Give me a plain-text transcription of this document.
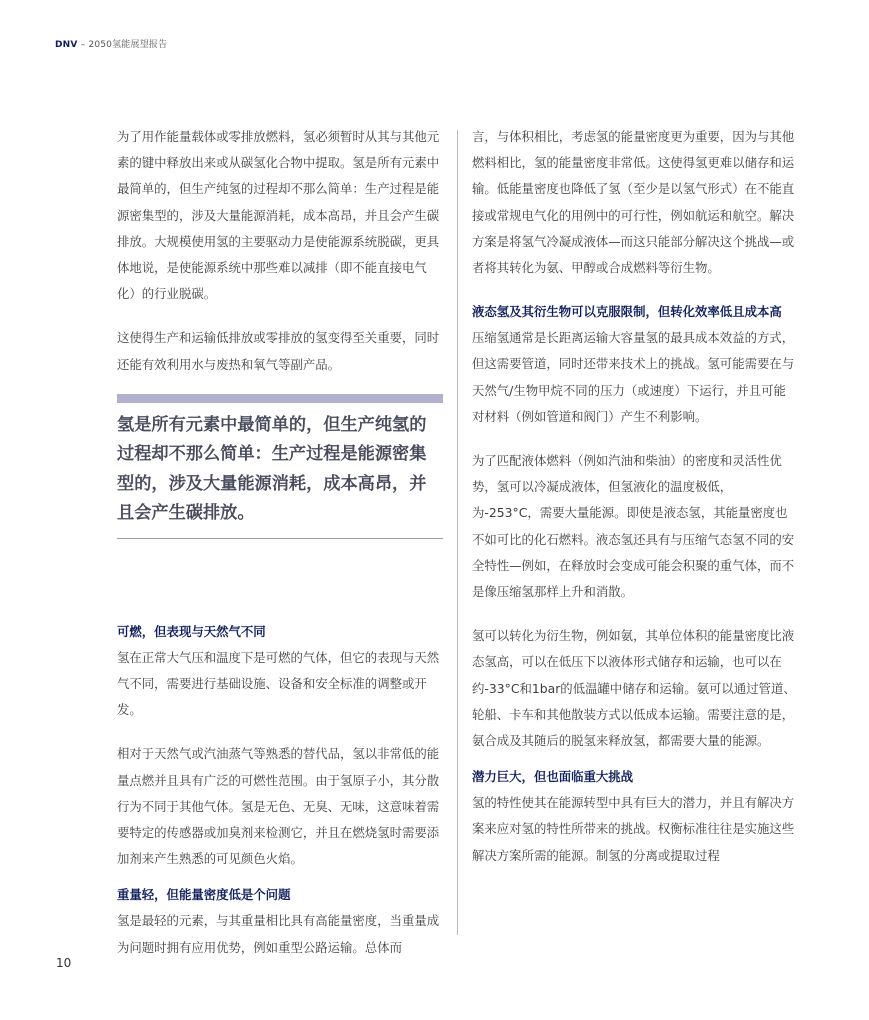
DNV – 2050氢能展望报告

为了用作能量载体或零排放燃料，氢必须暂时从其与其他元素的键中释放出来或从碳氢化合物中提取。氢是所有元素中最简单的，但生产纯氢的过程却不那么简单：生产过程是能源密集型的，涉及大量能源消耗，成本高昂，并且会产生碳排放。大规模使用氢的主要驱动力是使能源系统脱碳，更具体地说，是使能源系统中那些难以减排（即不能直接电气化）的行业脱碳。

这使得生产和运输低排放或零排放的氢变得至关重要，同时还能有效利用水与废热和氧气等副产品。

氢是所有元素中最简单的，但生产纯氢的过程却不那么简单：生产过程是能源密集型的，涉及大量能源消耗，成本高昂，并且会产生碳排放。
可燃，但表现与天然气不同

氢在正常大气压和温度下是可燃的气体，但它的表现与天然气不同，需要进行基础设施、设备和安全标准的调整或开发。

相对于天然气或汽油蒸气等熟悉的替代品，氢以非常低的能量点燃并且具有广泛的可燃性范围。由于氢原子小，其分散行为不同于其他气体。氢是无色、无臭、无味，这意味着需要特定的传感器或加臭剂来检测它，并且在燃烧氢时需要添加剂来产生熟悉的可见颜色火焰。

重量轻，但能量密度低是个问题

氢是最轻的元素，与其重量相比具有高能量密度，当重量成为问题时拥有应用优势，例如重型公路运输。总体而

言，与体积相比，考虑氢的能量密度更为重要，因为与其他燃料相比，氢的能量密度非常低。这使得氢更难以储存和运输。低能量密度也降低了氢（至少是以氢气形式）在不能直接或常规电气化的用例中的可行性，例如航运和航空。解决方案是将氢气冷凝成液体—而这只能部分解决这个挑战—或者将其转化为氨、甲醇或合成燃料等衍生物。

液态氢及其衍生物可以克服限制，但转化效率低且成本高

压缩氢通常是长距离运输大容量氢的最具成本效益的方式，但这需要管道，同时还带来技术上的挑战。氢可能需要在与天然气/生物甲烷不同的压力（或速度）下运行，并且可能对材料（例如管道和阀门）产生不利影响。

为了匹配液体燃料（例如汽油和柴油）的密度和灵活性优势，氢可以冷凝成液体，但氢液化的温度极低，为-253°C，需要大量能源。即使是液态氢，其能量密度也不如可比的化石燃料。液态氢还具有与压缩气态氢不同的安全特性—例如，在释放时会变成可能会积聚的重气体，而不是像压缩氢那样上升和消散。

氢可以转化为衍生物，例如氨，其单位体积的能量密度比液态氢高，可以在低压下以液体形式储存和运输，也可以在约-33°C和1bar的低温罐中储存和运输。氨可以通过管道、轮船、卡车和其他散装方式以低成本运输。需要注意的是，氨合成及其随后的脱氢来释放氢，都需要大量的能源。

潜力巨大，但也面临重大挑战

氢的特性使其在能源转型中具有巨大的潜力，并且有解决方案来应对氢的特性所带来的挑战。权衡标准往往是实施这些解决方案所需的能源。制氢的分离或提取过程

10
